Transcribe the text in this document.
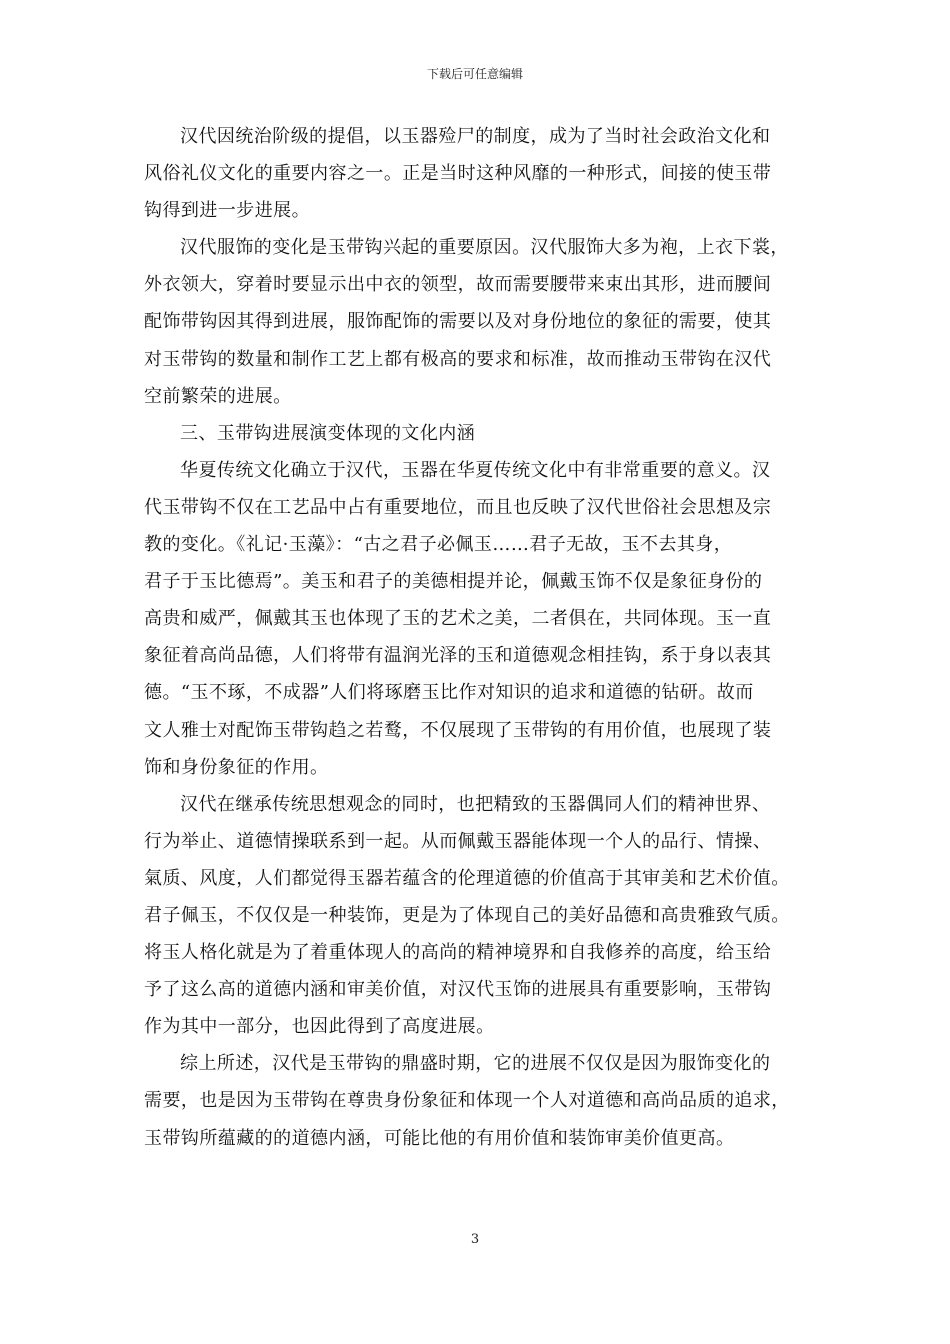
下载后可任意编辑

汉代因统治阶级的提倡，以玉器殓尸的制度，成为了当时社会政治文化和
风俗礼仪文化的重要内容之一。正是当时这种风靡的一种形式，间接的使玉带
钩得到进一步进展。

汉代服饰的变化是玉带钩兴起的重要原因。汉代服饰大多为袍，上衣下裳，
外衣领大，穿着时要显示出中衣的领型，故而需要腰带来束出其形，进而腰间
配饰带钩因其得到进展，服饰配饰的需要以及对身份地位的象征的需要，使其
对玉带钩的数量和制作工艺上都有极高的要求和标准，故而推动玉带钩在汉代
空前繁荣的进展。

三、玉带钩进展演变体现的文化内涵

华夏传统文化确立于汉代，玉器在华夏传统文化中有非常重要的意义。汉
代玉带钩不仅在工艺品中占有重要地位，而且也反映了汉代世俗社会思想及宗
教的变化。《礼记·玉藻》：“古之君子必佩玉……君子无故，玉不去其身，
君子于玉比德焉”。美玉和君子的美德相提并论，佩戴玉饰不仅是象征身份的
高贵和威严，佩戴其玉也体现了玉的艺术之美，二者俱在，共同体现。玉一直
象征着高尚品德，人们将带有温润光泽的玉和道德观念相挂钩，系于身以表其
德。“玉不琢，不成器”人们将琢磨玉比作对知识的追求和道德的钻研。故而
文人雅士对配饰玉带钩趋之若鹜，不仅展现了玉带钩的有用价值，也展现了装
饰和身份象征的作用。

汉代在继承传统思想观念的同时，也把精致的玉器偶同人们的精神世界、
行为举止、道德情操联系到一起。从而佩戴玉器能体现一个人的品行、情操、
氣质、风度，人们都觉得玉器若蕴含的伦理道德的价值高于其审美和艺术价值。
君子佩玉，不仅仅是一种装饰，更是为了体现自己的美好品德和高贵雅致气质。
将玉人格化就是为了着重体现人的高尚的精神境界和自我修养的高度，给玉给
予了这么高的道德内涵和审美价值，对汉代玉饰的进展具有重要影响，玉带钩
作为其中一部分，也因此得到了高度进展。

综上所述，汉代是玉带钩的鼎盛时期，它的进展不仅仅是因为服饰变化的
需要，也是因为玉带钩在尊贵身份象征和体现一个人对道德和高尚品质的追求，
玉带钩所蕴藏的的道德内涵，可能比他的有用价值和装饰审美价值更高。

3
